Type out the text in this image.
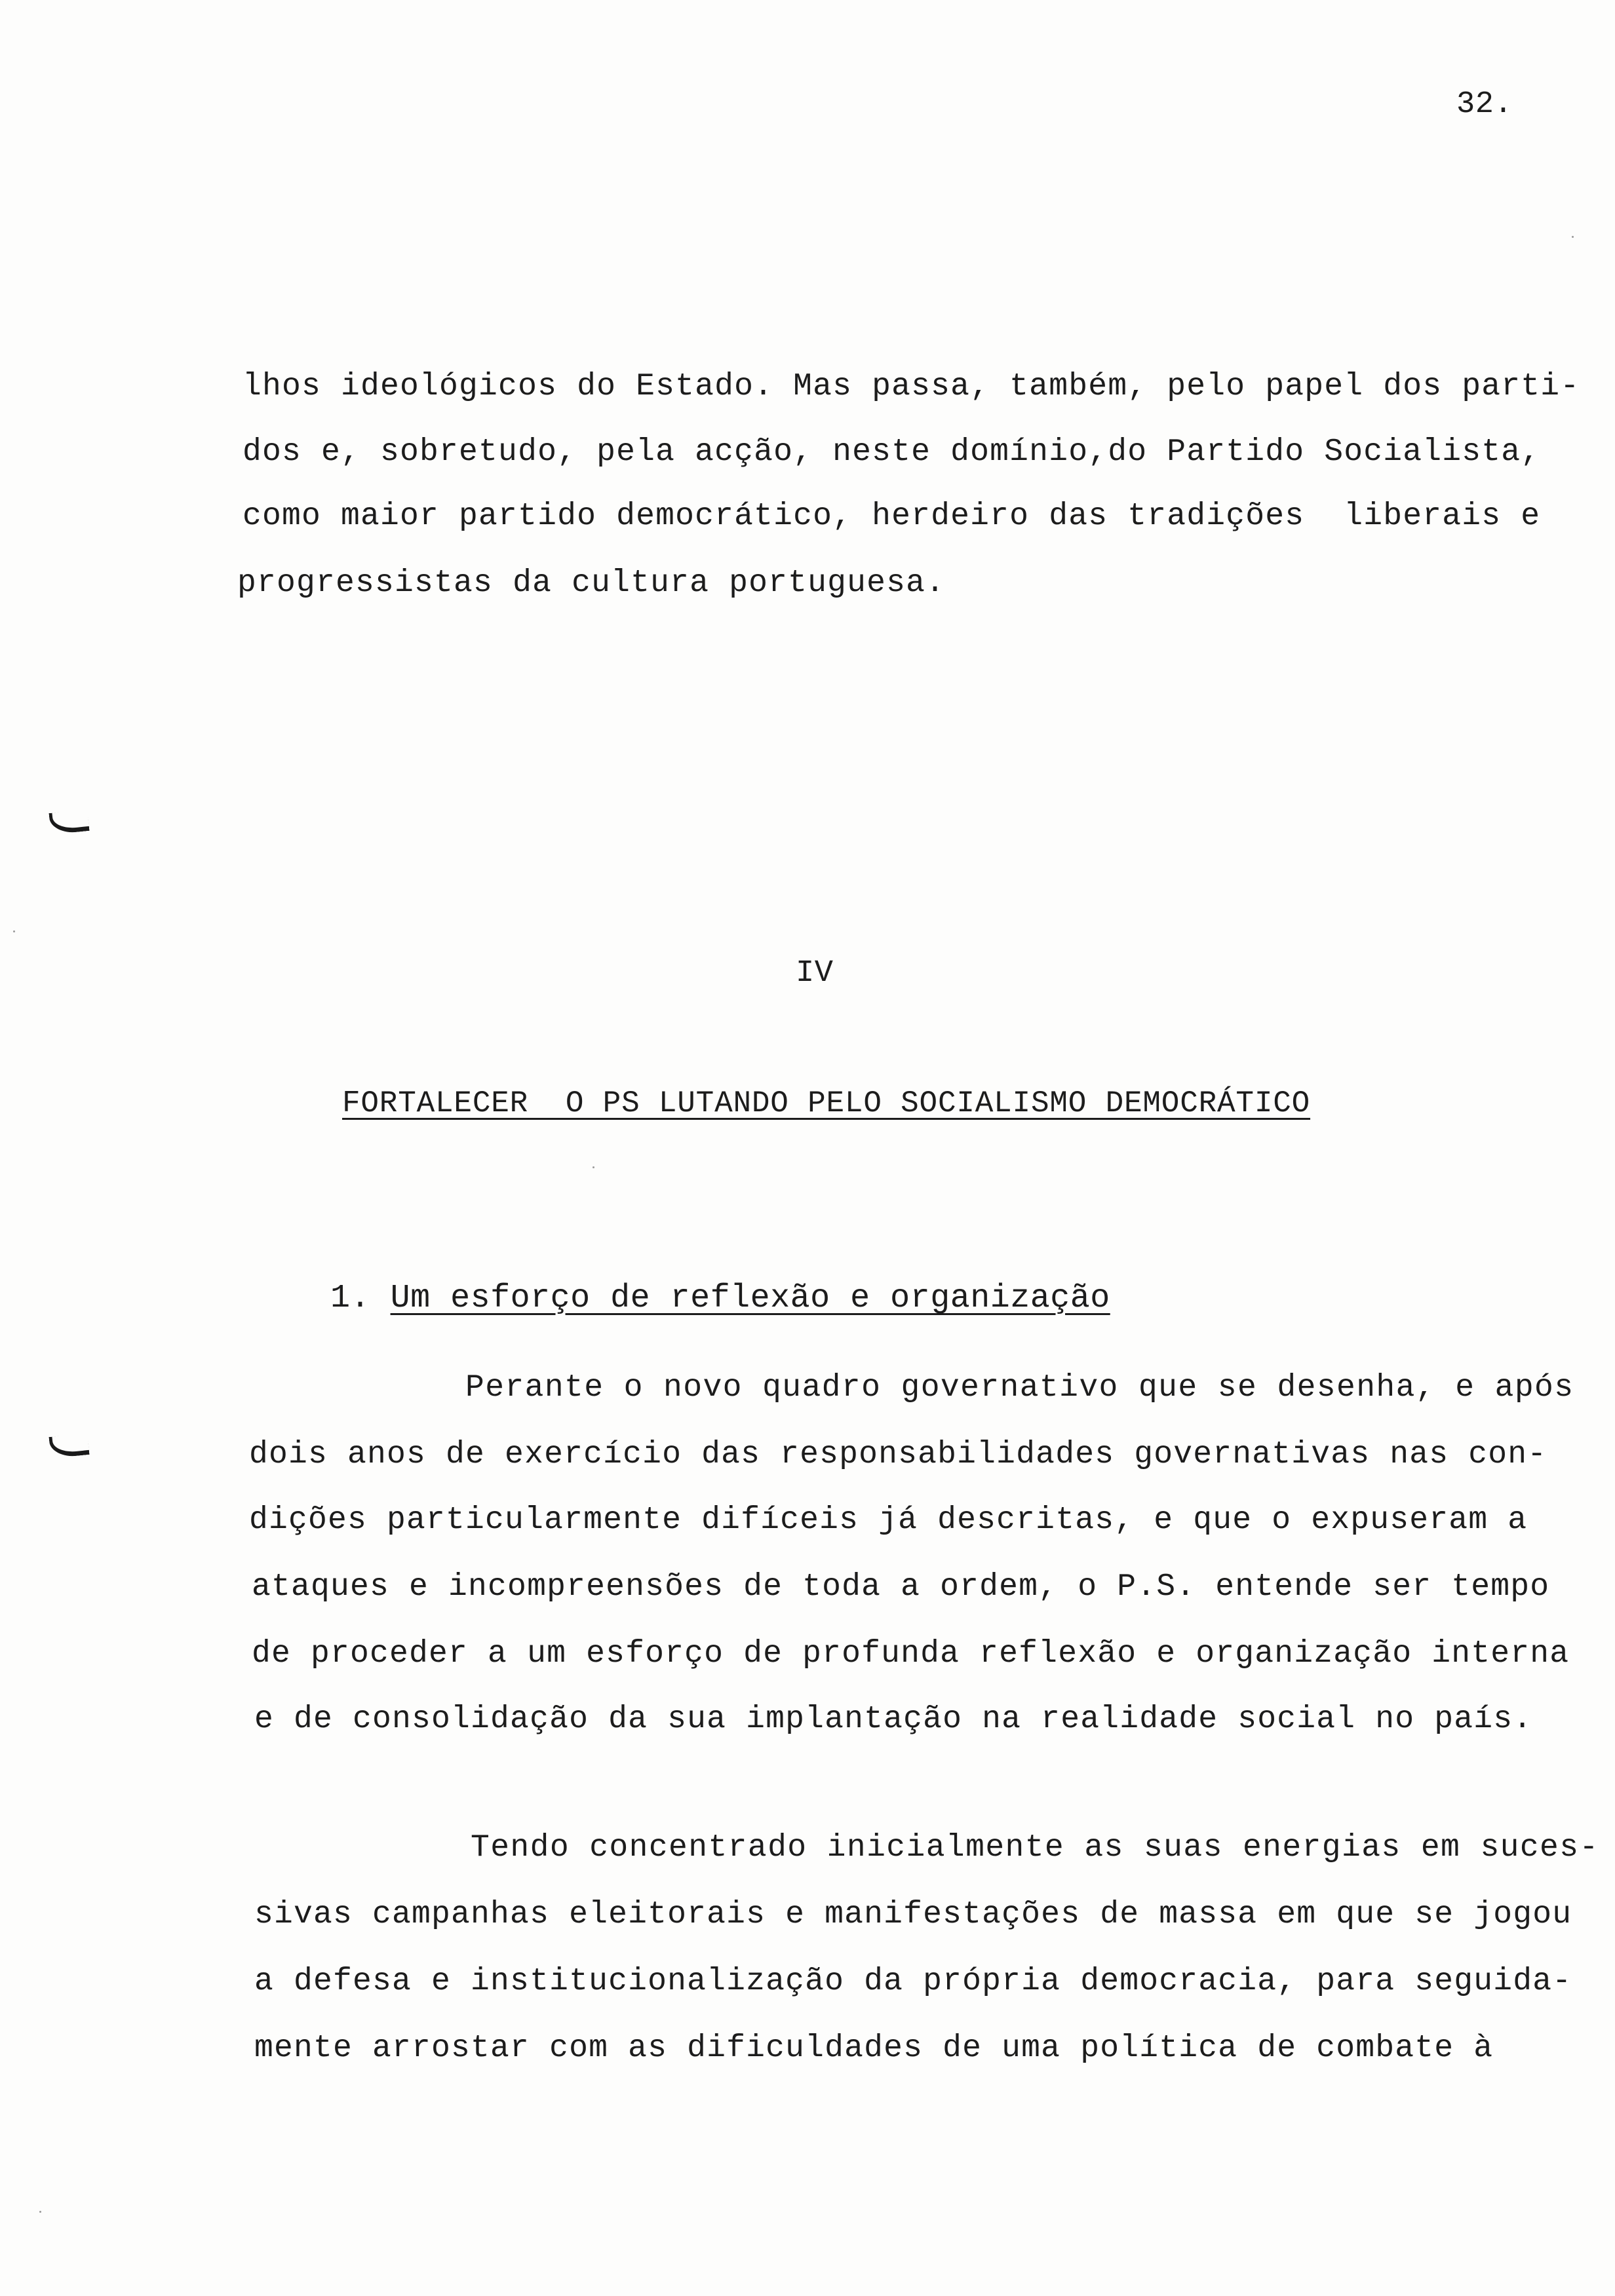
32.
lhos ideológicos do Estado. Mas passa, também, pelo papel dos parti-
dos e, sobretudo, pela acção, neste domínio,do Partido Socialista,
como maior partido democrático, herdeiro das tradições  liberais e
progressistas da cultura portuguesa.
IV
FORTALECER  O PS LUTANDO PELO SOCIALISMO DEMOCRÁTICO

1. Um esforço de reflexão e organização

Perante o novo quadro governativo que se desenha, e após
dois anos de exercício das responsabilidades governativas nas con-
dições particularmente difíceis já descritas, e que o expuseram a
ataques e incompreensões de toda a ordem, o P.S. entende ser tempo
de proceder a um esforço de profunda reflexão e organização interna
e de consolidação da sua implantação na realidade social no país.
Tendo concentrado inicialmente as suas energias em suces-
sivas campanhas eleitorais e manifestações de massa em que se jogou
a defesa e institucionalização da própria democracia, para seguida-
mente arrostar com as dificuldades de uma política de combate à
